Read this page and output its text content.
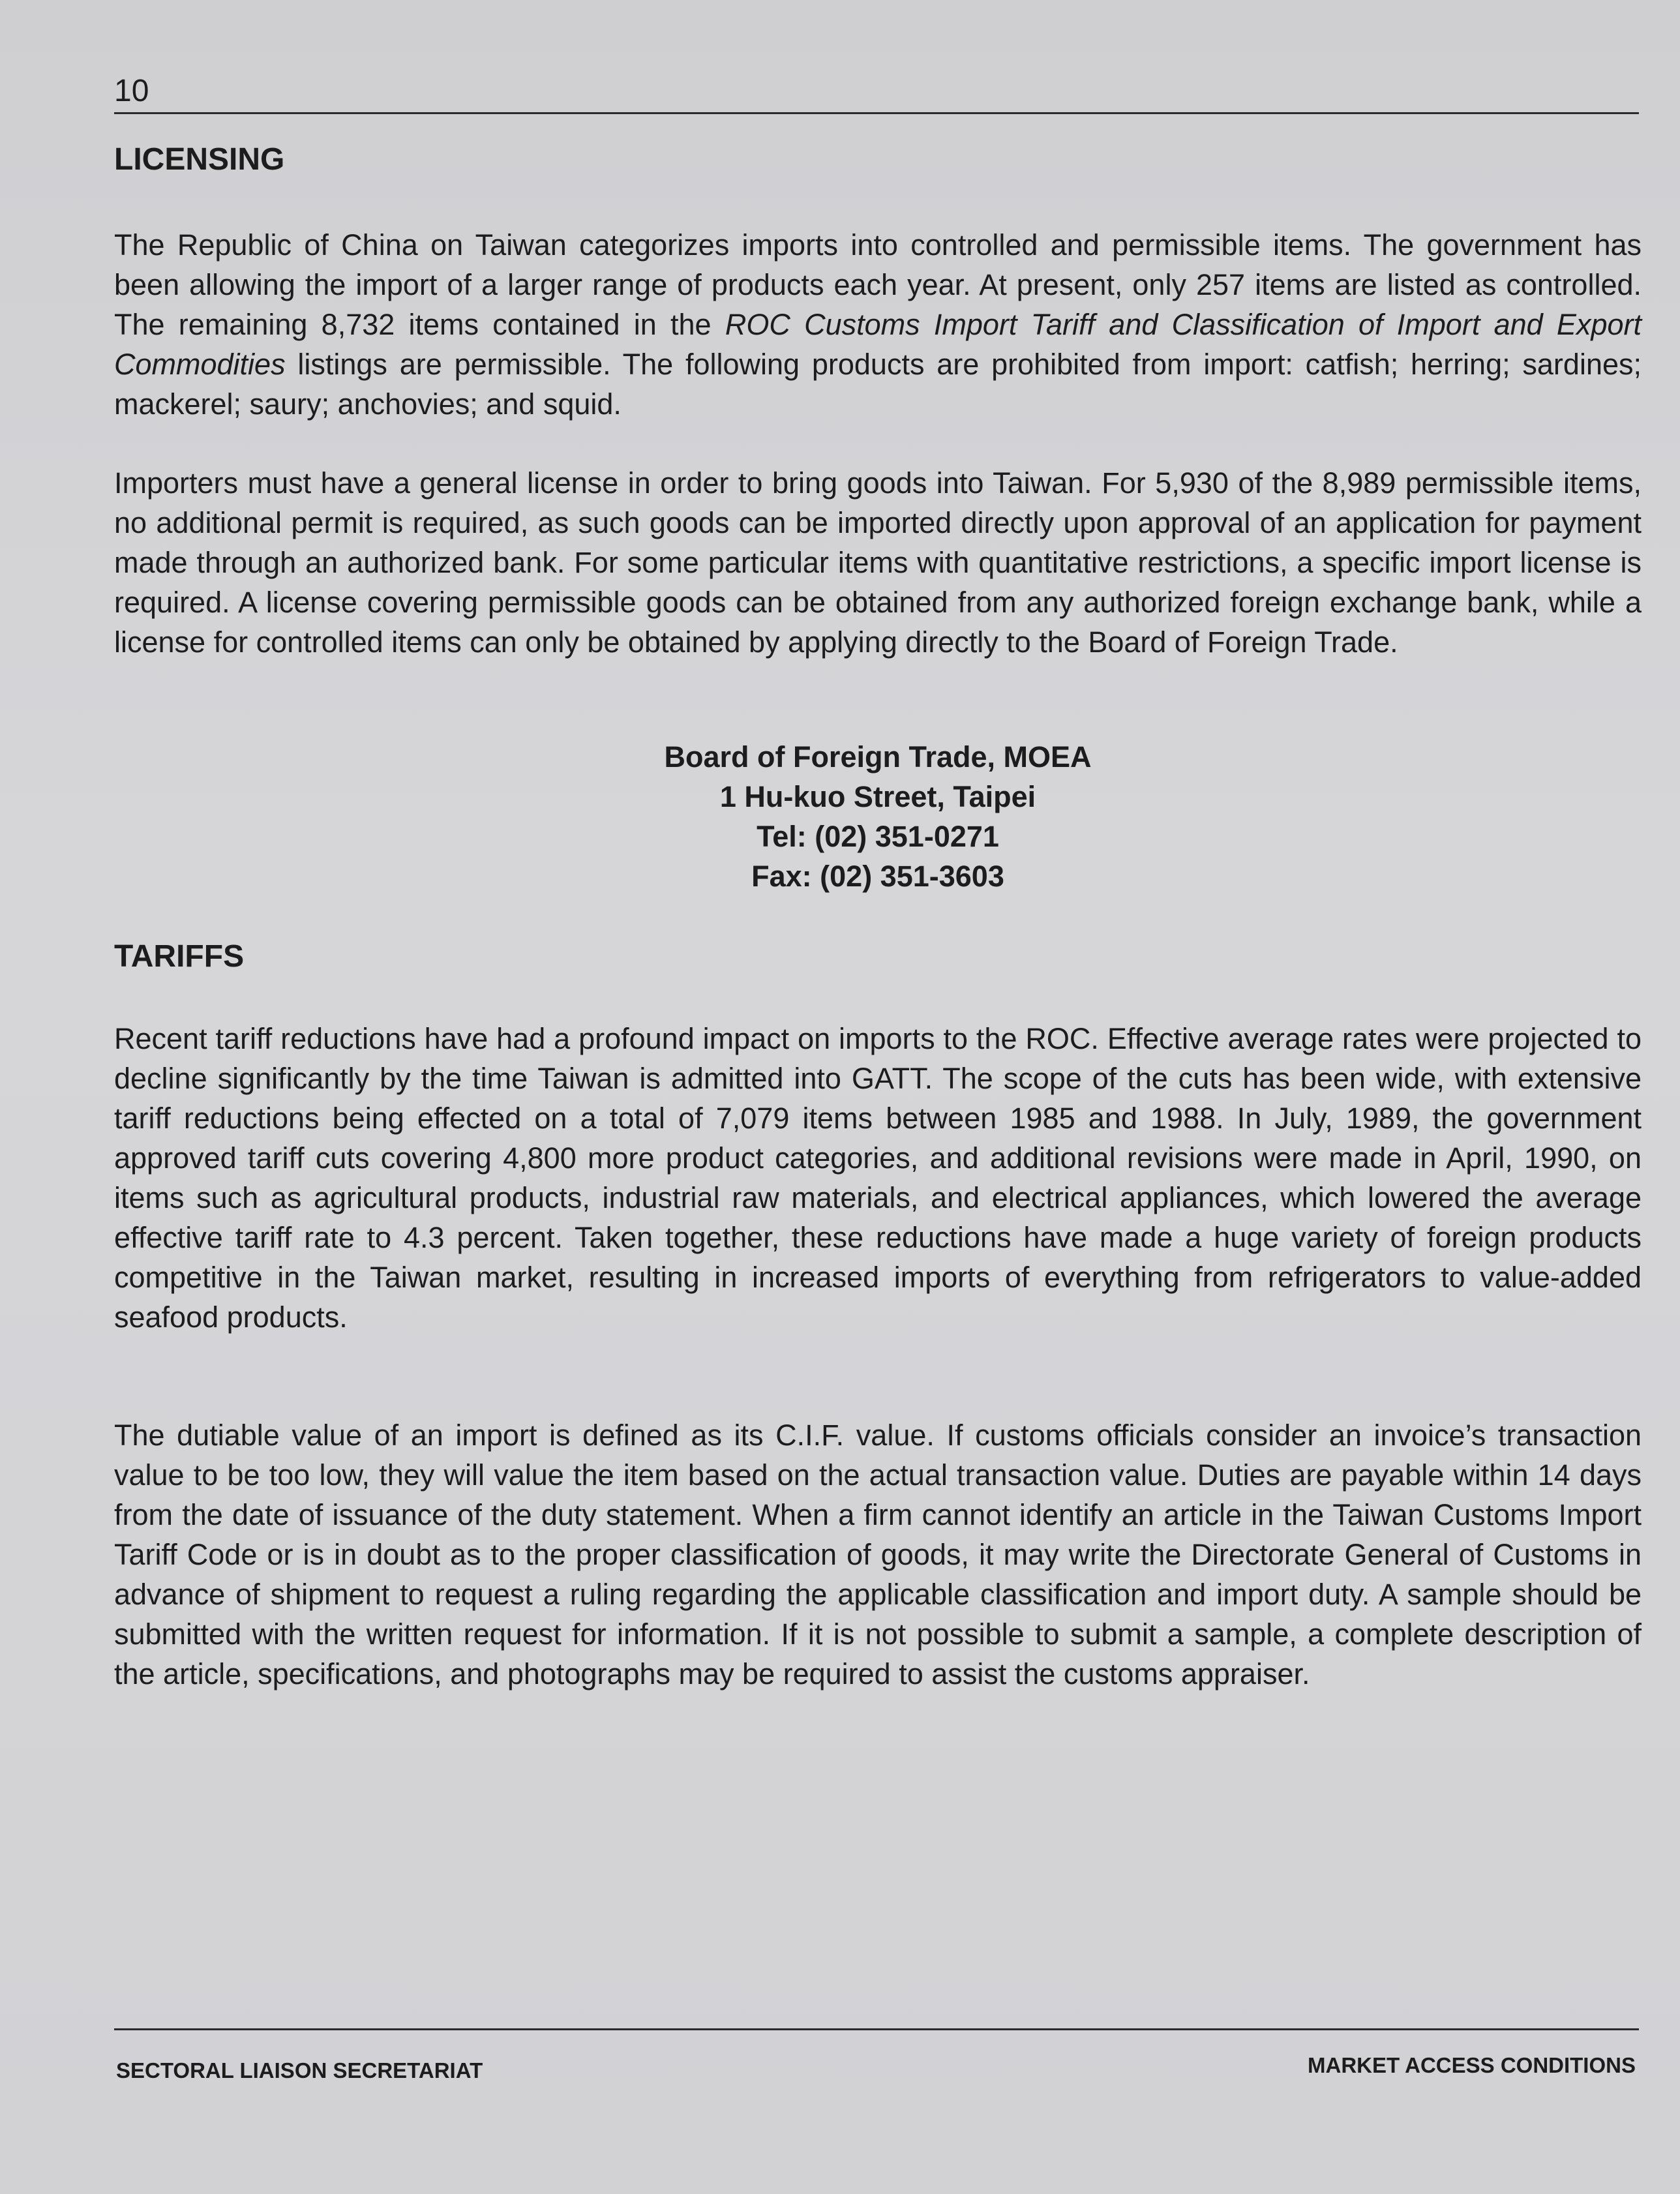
10
LICENSING

The Republic of China on Taiwan categorizes imports into controlled and permissible items. The government has been allowing the import of a larger range of products each year. At present, only 257 items are listed as controlled. The remaining 8,732 items contained in the ROC Customs Import Tariff and Classification of Import and Export Commodities listings are permissible. The following products are prohibited from import: catfish; herring; sardines; mackerel; saury; anchovies; and squid.

Importers must have a general license in order to bring goods into Taiwan. For 5,930 of the 8,989 permissible items, no additional permit is required, as such goods can be imported directly upon approval of an application for payment made through an authorized bank. For some particular items with quantitative restrictions, a specific import license is required. A license covering permissible goods can be obtained from any authorized foreign exchange bank, while a license for controlled items can only be obtained by applying directly to the Board of Foreign Trade.

Board of Foreign Trade, MOEA
1 Hu-kuo Street, Taipei
Tel: (02) 351-0271
Fax: (02) 351-3603
TARIFFS

Recent tariff reductions have had a profound impact on imports to the ROC. Effective average rates were projected to decline significantly by the time Taiwan is admitted into GATT. The scope of the cuts has been wide, with extensive tariff reductions being effected on a total of 7,079 items between 1985 and 1988. In July, 1989, the government approved tariff cuts covering 4,800 more product categories, and additional revisions were made in April, 1990, on items such as agricultural products, industrial raw materials, and electrical appliances, which lowered the average effective tariff rate to 4.3 percent. Taken together, these reductions have made a huge variety of foreign products competitive in the Taiwan market, resulting in increased imports of everything from refrigerators to value-added seafood products.

The dutiable value of an import is defined as its C.I.F. value. If customs officials consider an invoice’s transaction value to be too low, they will value the item based on the actual transaction value. Duties are payable within 14 days from the date of issuance of the duty statement. When a firm cannot identify an article in the Taiwan Customs Import Tariff Code or is in doubt as to the proper classification of goods, it may write the Directorate General of Customs in advance of shipment to request a ruling regarding the applicable classification and import duty. A sample should be submitted with the written request for information. If it is not possible to submit a sample, a complete description of the article, specifications, and photographs may be required to assist the customs appraiser.

SECTORAL LIAISON SECRETARIAT	MARKET ACCESS CONDITIONS
